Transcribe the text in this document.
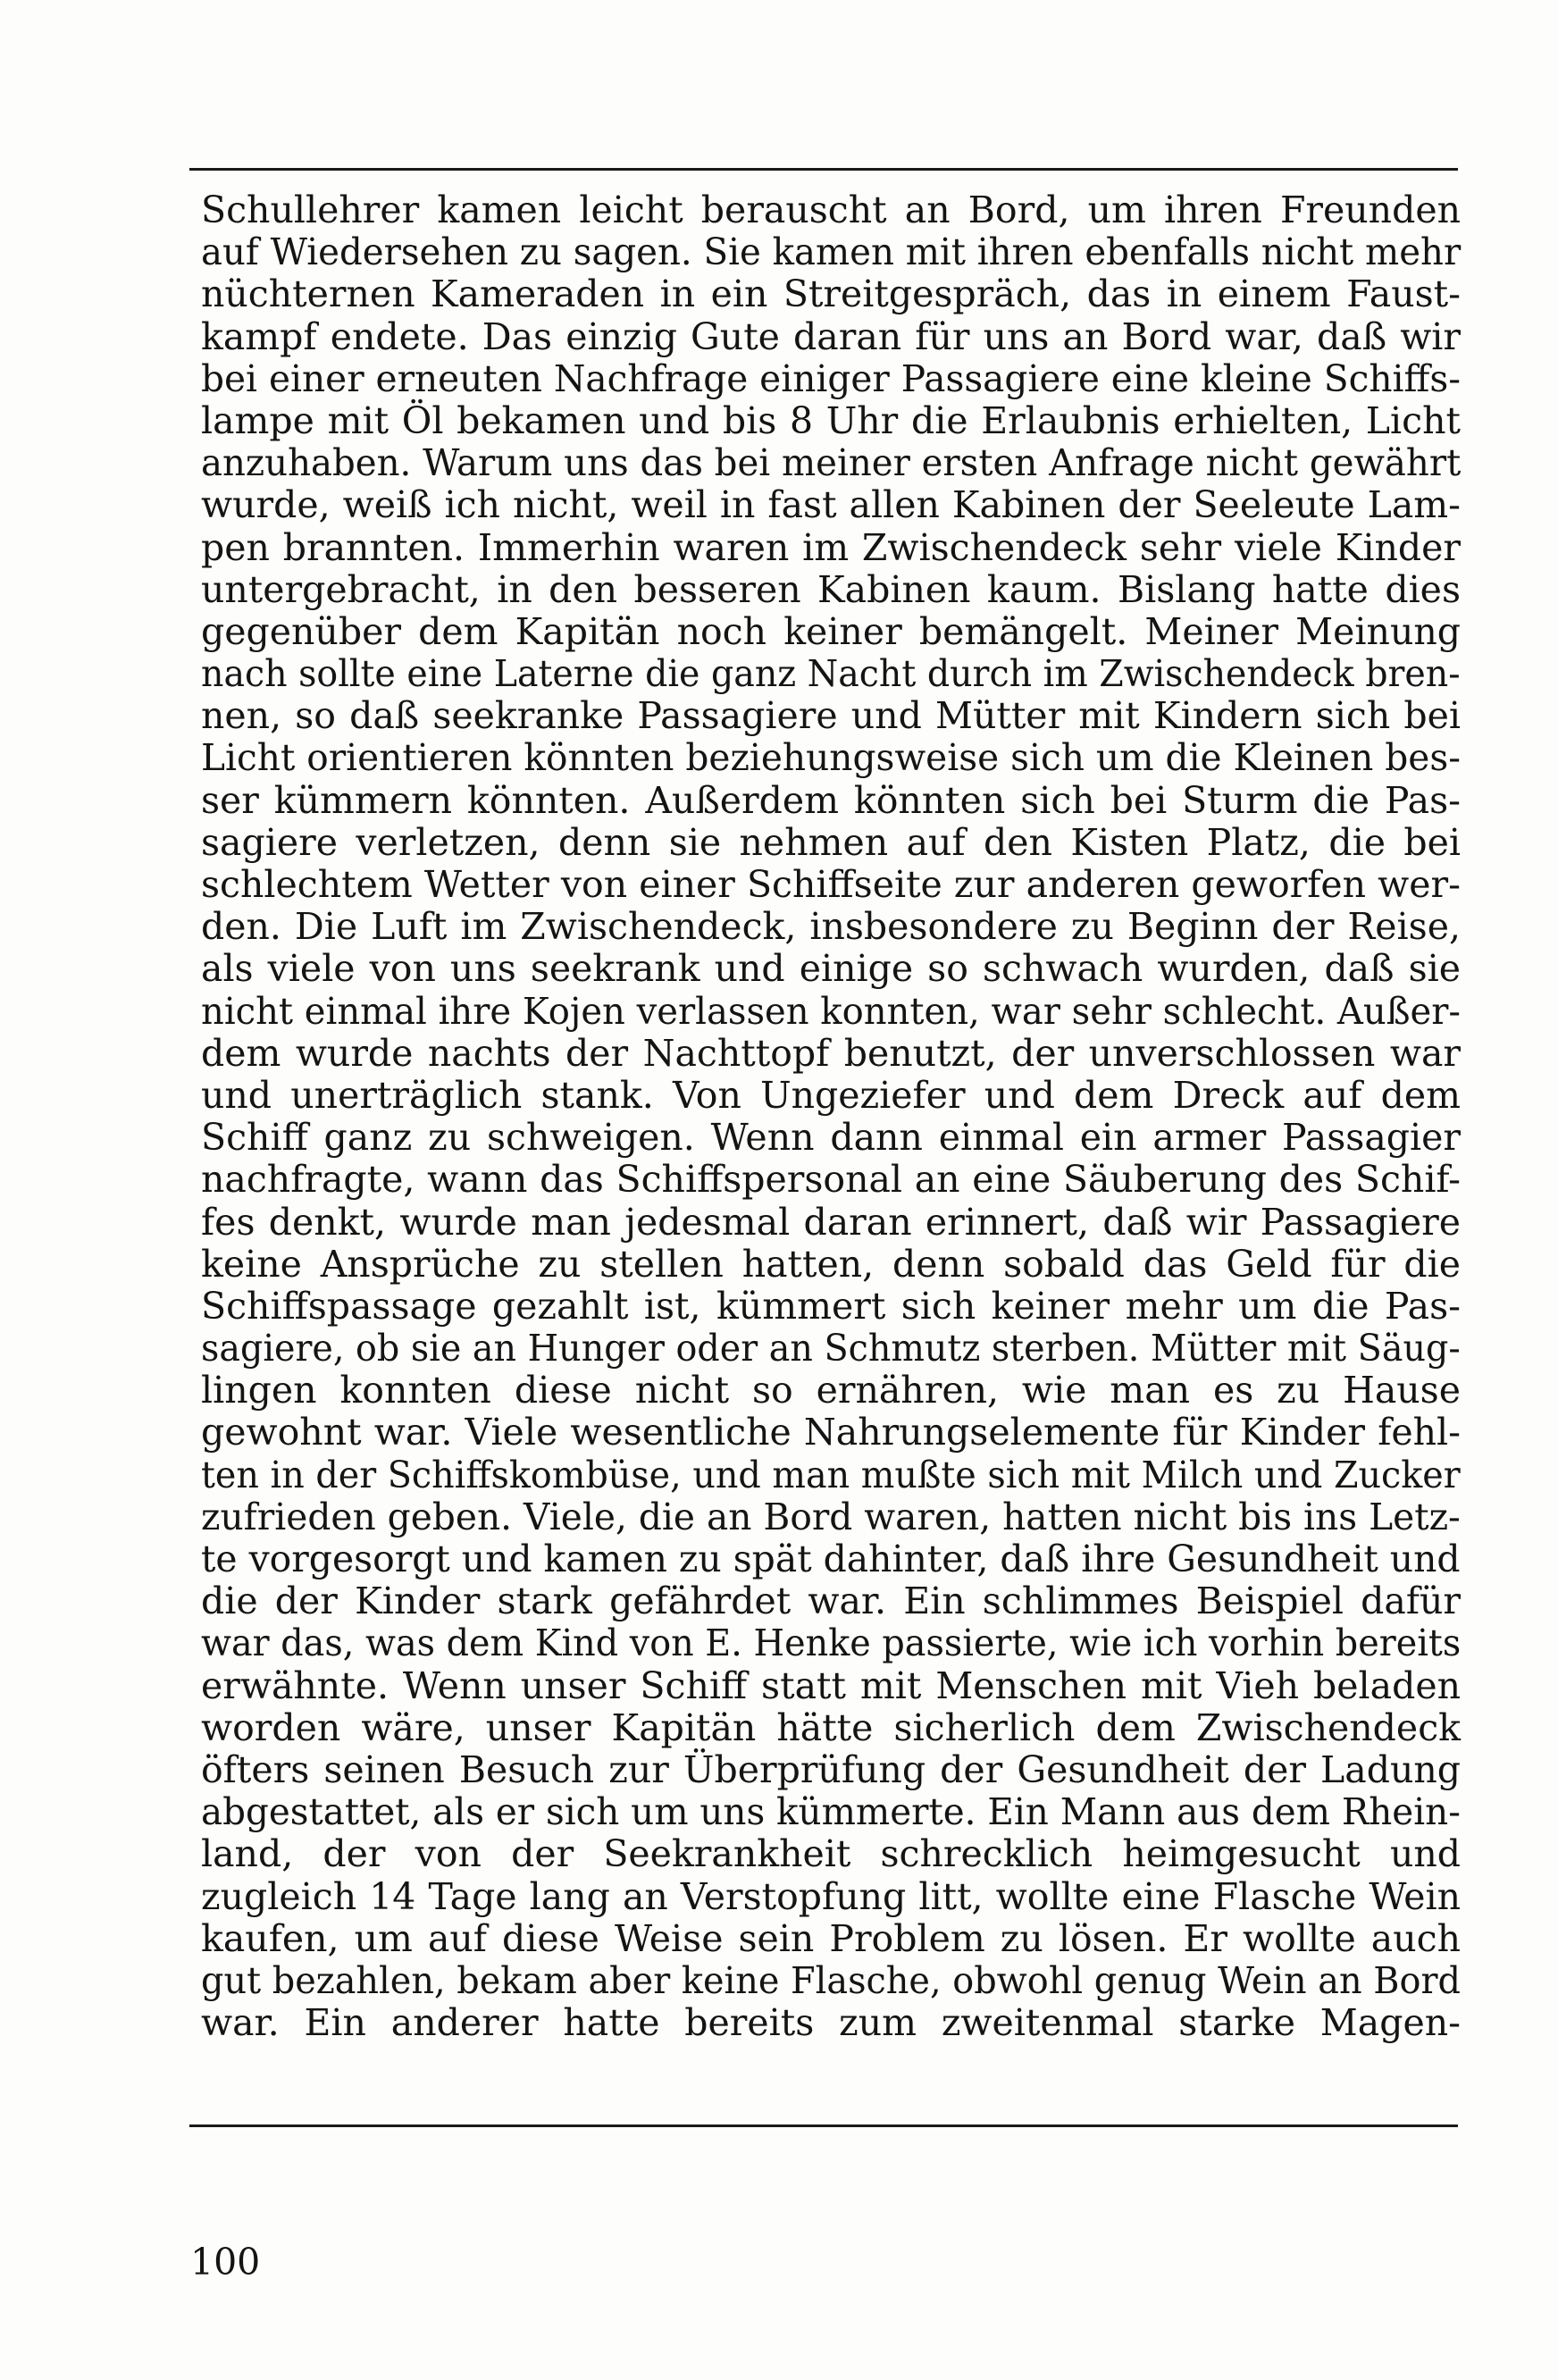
Schullehrer kamen leicht berauscht an Bord, um ihren Freunden
auf Wiedersehen zu sagen. Sie kamen mit ihren ebenfalls nicht mehr
nüchternen Kameraden in ein Streitgespräch, das in einem Faust-
kampf endete. Das einzig Gute daran für uns an Bord war, daß wir
bei einer erneuten Nachfrage einiger Passagiere eine kleine Schiffs-
lampe mit Öl bekamen und bis 8 Uhr die Erlaubnis erhielten, Licht
anzuhaben. Warum uns das bei meiner ersten Anfrage nicht gewährt
wurde, weiß ich nicht, weil in fast allen Kabinen der Seeleute Lam-
pen brannten. Immerhin waren im Zwischendeck sehr viele Kinder
untergebracht, in den besseren Kabinen kaum. Bislang hatte dies
gegenüber dem Kapitän noch keiner bemängelt. Meiner Meinung
nach sollte eine Laterne die ganz Nacht durch im Zwischendeck bren-
nen, so daß seekranke Passagiere und Mütter mit Kindern sich bei
Licht orientieren könnten beziehungsweise sich um die Kleinen bes-
ser kümmern könnten. Außerdem könnten sich bei Sturm die Pas-
sagiere verletzen, denn sie nehmen auf den Kisten Platz, die bei
schlechtem Wetter von einer Schiffseite zur anderen geworfen wer-
den. Die Luft im Zwischendeck, insbesondere zu Beginn der Reise,
als viele von uns seekrank und einige so schwach wurden, daß sie
nicht einmal ihre Kojen verlassen konnten, war sehr schlecht. Außer-
dem wurde nachts der Nachttopf benutzt, der unverschlossen war
und unerträglich stank. Von Ungeziefer und dem Dreck auf dem
Schiff ganz zu schweigen. Wenn dann einmal ein armer Passagier
nachfragte, wann das Schiffspersonal an eine Säuberung des Schif-
fes denkt, wurde man jedesmal daran erinnert, daß wir Passagiere
keine Ansprüche zu stellen hatten, denn sobald das Geld für die
Schiffspassage gezahlt ist, kümmert sich keiner mehr um die Pas-
sagiere, ob sie an Hunger oder an Schmutz sterben. Mütter mit Säug-
lingen konnten diese nicht so ernähren, wie man es zu Hause
gewohnt war. Viele wesentliche Nahrungselemente für Kinder fehl-
ten in der Schiffskombüse, und man mußte sich mit Milch und Zucker
zufrieden geben. Viele, die an Bord waren, hatten nicht bis ins Letz-
te vorgesorgt und kamen zu spät dahinter, daß ihre Gesundheit und
die der Kinder stark gefährdet war. Ein schlimmes Beispiel dafür
war das, was dem Kind von E. Henke passierte, wie ich vorhin bereits
erwähnte. Wenn unser Schiff statt mit Menschen mit Vieh beladen
worden wäre, unser Kapitän hätte sicherlich dem Zwischendeck
öfters seinen Besuch zur Überprüfung der Gesundheit der Ladung
abgestattet, als er sich um uns kümmerte. Ein Mann aus dem Rhein-
land, der von der Seekrankheit schrecklich heimgesucht und
zugleich 14 Tage lang an Verstopfung litt, wollte eine Flasche Wein
kaufen, um auf diese Weise sein Problem zu lösen. Er wollte auch
gut bezahlen, bekam aber keine Flasche, obwohl genug Wein an Bord
war. Ein anderer hatte bereits zum zweitenmal starke Magen-
100
